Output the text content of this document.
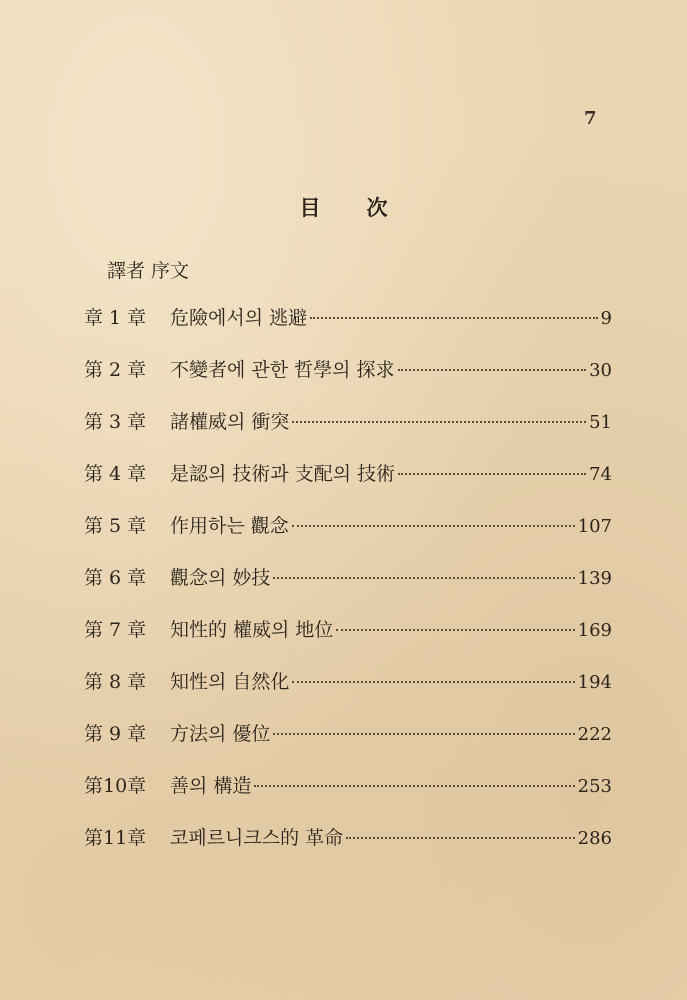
7
目次
譯者 序文
章 1 章	危險에서의 逃避	9
第 2 章	不變者에 관한 哲學의 探求	30
第 3 章	諸權威의 衝突	51
第 4 章	是認의 技術과 支配의 技術	74
第 5 章	作用하는 觀念	107
第 6 章	觀念의 妙技	139
第 7 章	知性的 權威의 地位	169
第 8 章	知性의 自然化	194
第 9 章	方法의 優位	222
第10章	善의 構造	253
第11章	코페르니크스的 革命	286
